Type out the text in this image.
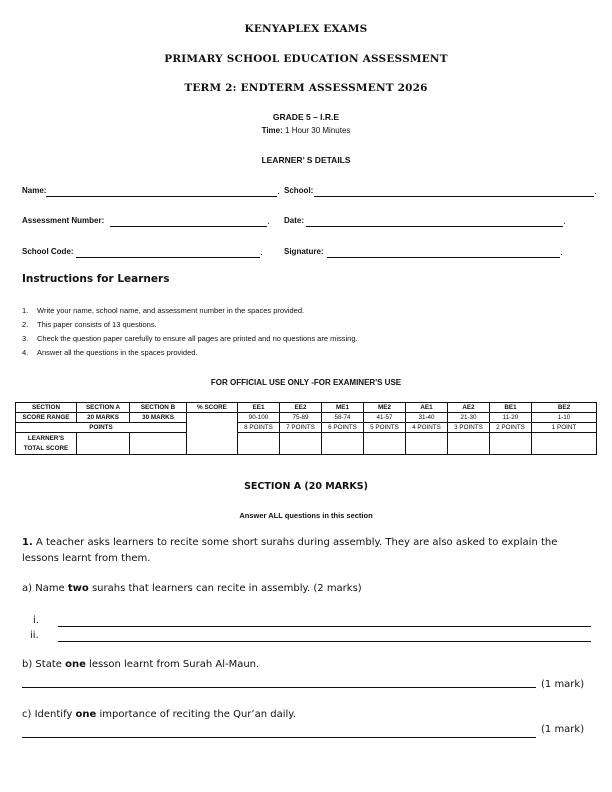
KENYAPLEX EXAMS
PRIMARY SCHOOL EDUCATION ASSESSMENT
TERM 2: ENDTERM ASSESSMENT 2026
GRADE 5 – I.R.E
Time: 1 Hour 30 Minutes
LEARNER’ S DETAILS
Name:	. School:	.
Assessment Number:	. Date:	.
School Code:	.	Signature:	.
Instructions for Learners
1. Write your name, school name, and assessment number in the spaces provided.
2. This paper consists of 13 questions.
3. Check the question paper carefully to ensure all pages are printed and no questions are missing.
4. Answer all the questions in the spaces provided.
FOR OFFICIAL USE ONLY -FOR EXAMINER'S USE
SECTION	SECTION A	SECTION B	% SCORE	EE1	EE2	ME1	ME2	AE1	AE2	BE1	BE2	
SCORE RANGE	20 MARKS	30 MARKS		90-100	75-89	58-74	41-57	31-40	21-30	11-20	1-10	
POINTS				8 POINTS	7 POINTS	6 POINTS	5 POINTS	4 POINTS	3 POINTS	2 POINTS	1 POINT	
LEARNER'S
TOTAL SCORE												
SECTION A (20 MARKS)
Answer ALL questions in this section
1. A teacher asks learners to recite some short surahs during assembly. They are also asked to explain the lessons learnt from them.
a) Name two surahs that learners can recite in assembly. (2 marks)
i.
ii.
b) State one lesson learnt from Surah Al-Maun.
(1 mark)
c) Identify one importance of reciting the Qur’an daily.
(1 mark)
